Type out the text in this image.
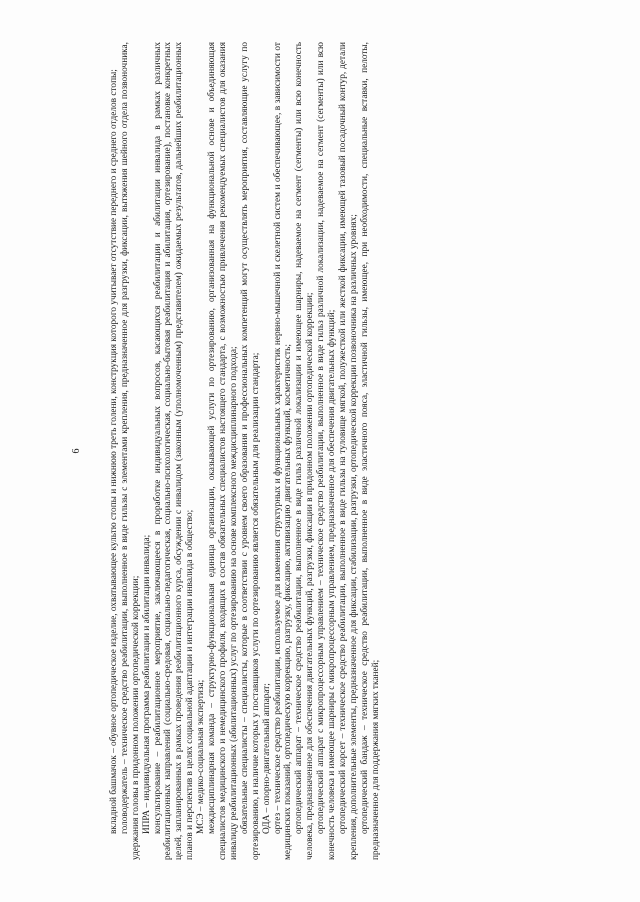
6	вкладной башмачок – обувное ортопедическое изделие, охватывающее культю стопы и нижнюю треть голени, конструкция которого учитывает отсутствие переднего и среднего отделов стопы; головодержатель – техническое средство реабилитации, выполненное в виде гильзы с элементами крепления, предназначенное для разгрузки, фиксации, вытяжения шейного отдела позвоночника, удержания головы в придонном положении ортопедической коррекции; ИПРА – индивидуальная программа реабилитации и абилитации инвалида; консультирование – реабилитационное мероприятие, заключающееся в проработке индивидуальных вопросов, касающихся реабилитации и абилитации инвалида в рамках различных реабилитационных направлений (социально-средовая, социально-педагогическая, социально-психологическая, социально-бытовая реабилитация и абилитация, ортезирование), постановке конкретных целей, запланированных в рамках проведения реабилитационного курса, обсуждении с инвалидом (законным (уполномоченным) представителем) ожидаемых результатов, дальнейших реабилитационных планов и перспектив в целях социальной адаптации и интеграции инвалида в общество; МСЭ – медико-социальная экспертиза; междисциплинарная команда – структурно-функциональная единица организации, оказывающей услуги по ортезированию, организованная на функциональной основе и объединяющая специалистов медицинского и немедицинского профиля, входящих в состав обязательных специалистов настоящего стандарта, с возможностью привлечения рекомендуемых специалистов для оказания инвалиду реабилитационных (абилитационных) услуг по ортезированию на основе комплексного междисциплинарного подхода; обязательные специалисты – специалисты, которые в соответствии с уровнем своего образования и профессиональных компетенций могут осуществлять мероприятия, составляющие услугу по ортезированию, и наличие которых у поставщиков услуги по ортезированию является обязательным для реализации стандарта; ОДА – опорно-двигательный аппарат; ортез – техническое средство реабилитации, используемое для изменения структурных и функциональных характеристик нервно-мышечной и скелетной систем и обеспечивающее, в зависимости от медицинских показаний, ортопедическую коррекцию, разгрузку, фиксацию, активизацию двигательных функций, косметичность; ортопедический аппарат – техническое средство реабилитации, выполненное в виде гильз различной локализации и имеющее шарниры, надеваемое на сегмент (сегменты) или всю конечность человека, предназначенное для обеспечения двигательных функций, разгрузки, фиксации в придонном положении ортопедической коррекции; ортопедический аппарат с микропроцессорным управлением – техническое средство реабилитации, выполненное в виде гильз различной локализации, надеваемое на сегмент (сегменты) или всю конечность человека и имеющее шарниры с микропроцессорным управлением, предназначенное для обеспечения двигательных функций; ортопедический корсет – техническое средство реабилитации, выполненное в виде гильзы на туловище мягкой, полужесткой или жесткой фиксации, имеющей тазовый посадочный контур, детали крепления, дополнительные элементы, предназначенное для фиксации, стабилизации, разгрузки, ортопедической коррекции позвоночника на различных уровнях; ортопедический бандаж – техническое средство реабилитации, выполненное в виде эластичного пояса, эластичной гильзы, имеющее, при необходимости, специальные вставки, пелоты, предназначенное для поддержания мягких тканей;
